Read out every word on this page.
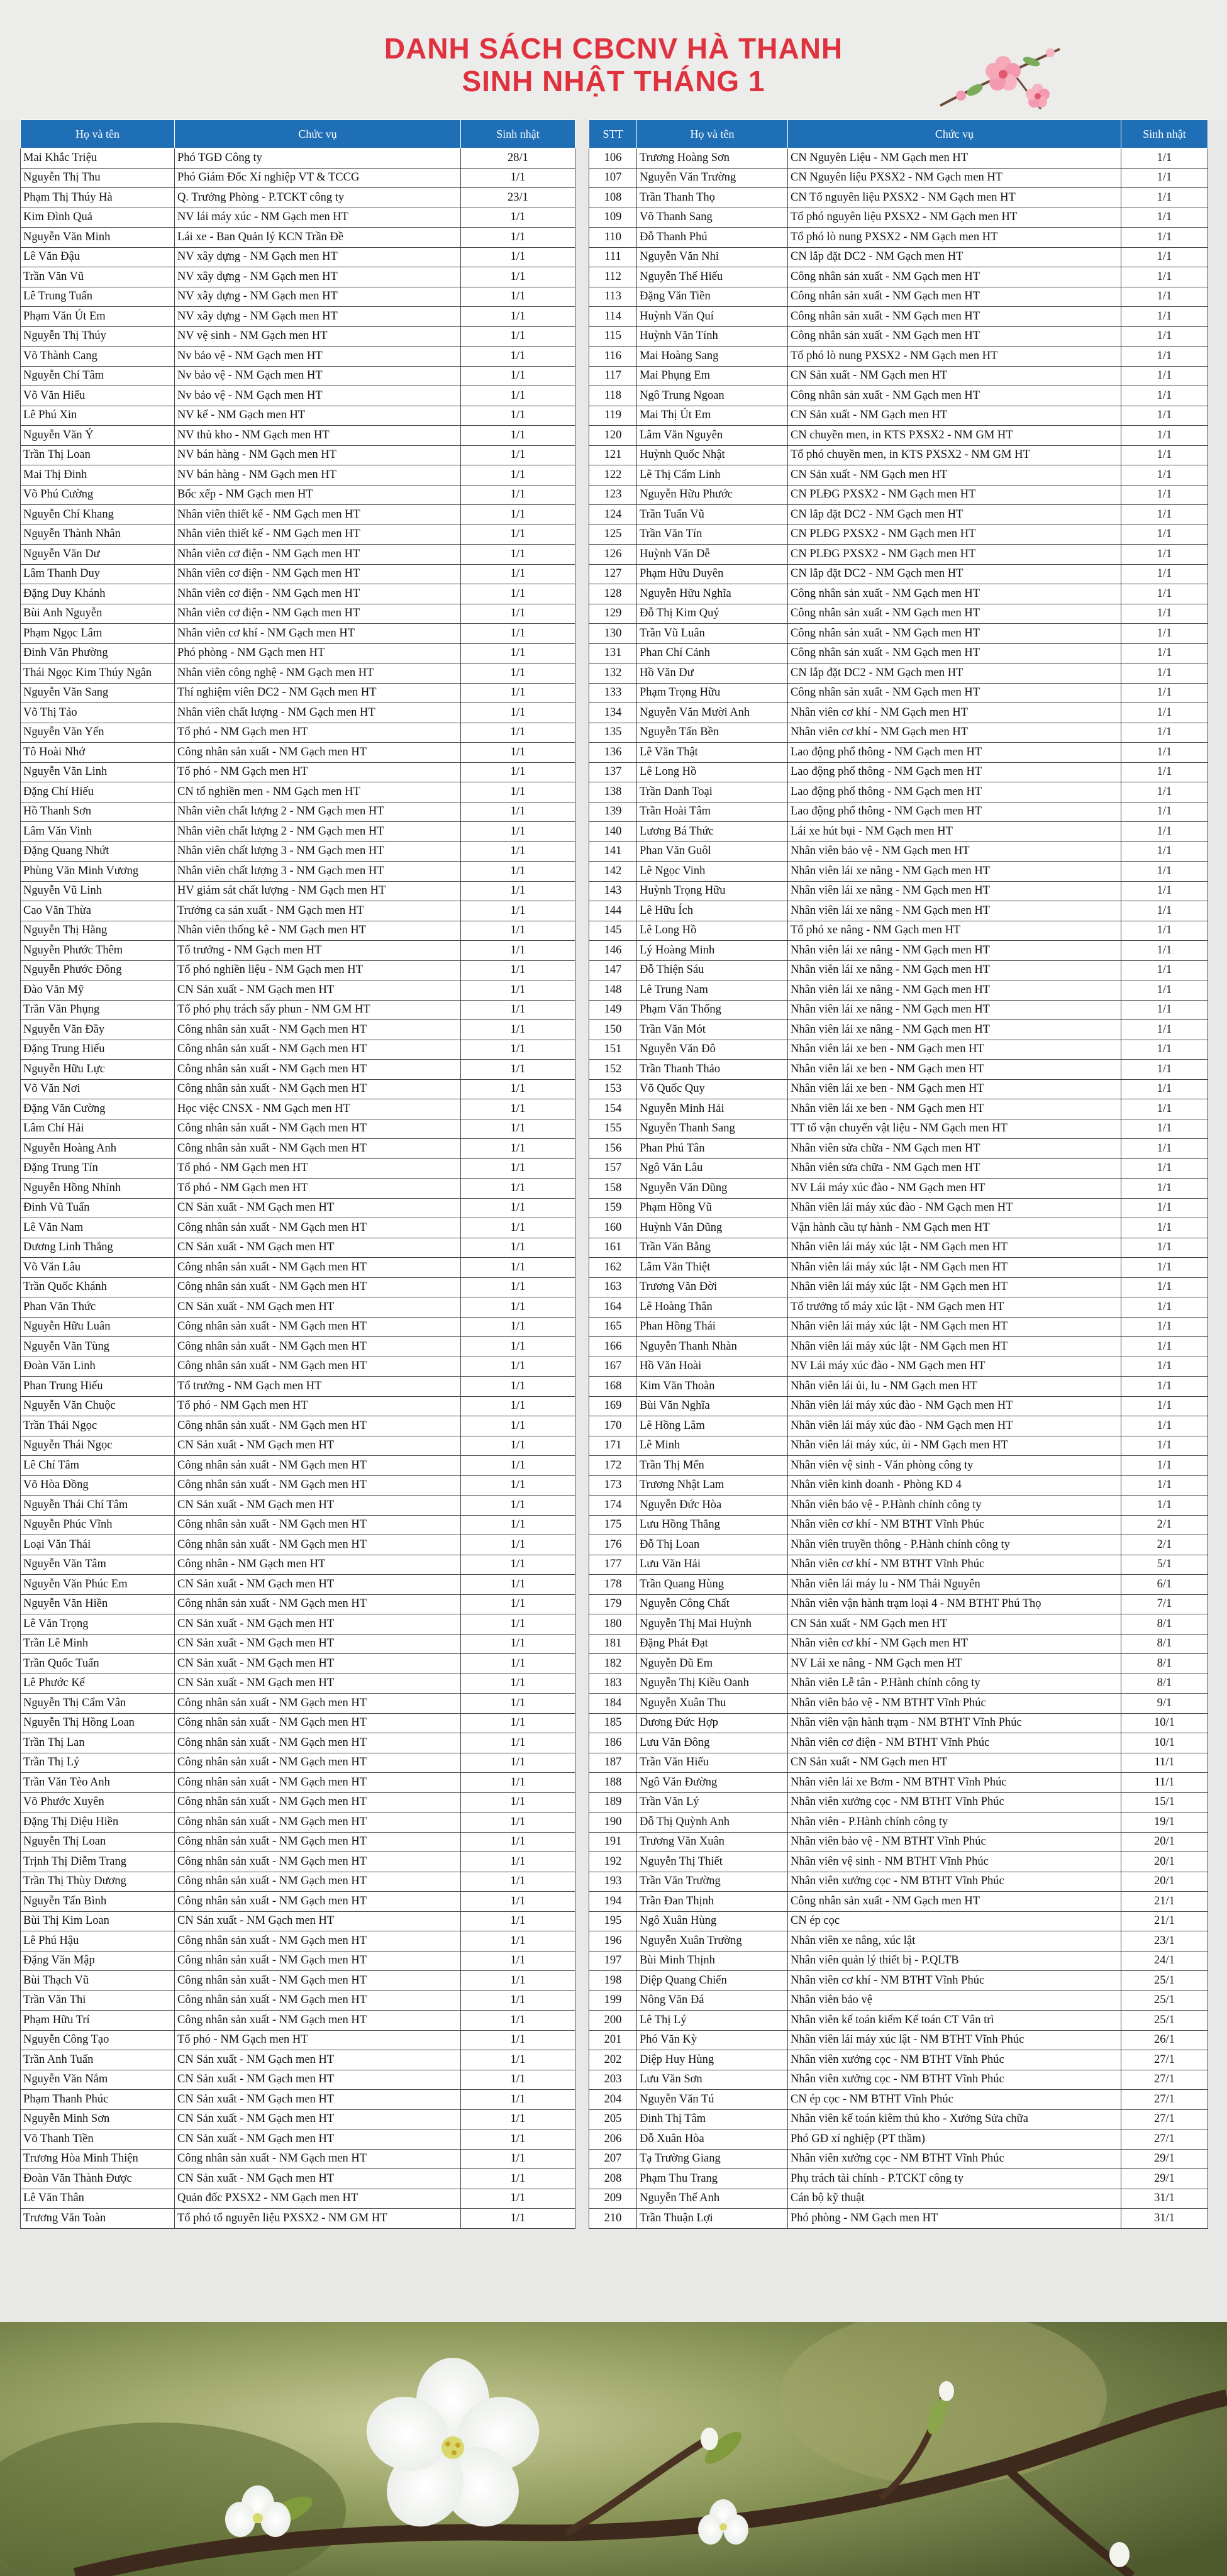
DANH SÁCH CBCNV HÀ THANH
SINH NHẬT THÁNG 1
Họ và tên	Chức vụ	Sinh nhật
Mai Khắc Triệu	Phó TGĐ Công ty	28/1
Nguyễn Thị Thu	Phó Giám Đốc Xí nghiệp VT & TCCG	1/1
Phạm Thị Thúy Hà	Q. Trưởng Phòng - P.TCKT công ty	23/1
Kim Đình Quả	NV lái máy xúc - NM Gạch men HT	1/1
Nguyễn Văn Minh	Lái xe - Ban Quản lý KCN Trần Đề	1/1
Lê Văn Đậu	NV xây dựng - NM Gạch men HT	1/1
Trần Văn Vũ	NV xây dựng - NM Gạch men HT	1/1
Lê Trung Tuấn	NV xây dựng - NM Gạch men HT	1/1
Phạm Văn Út Em	NV xây dựng - NM Gạch men HT	1/1
Nguyễn Thị Thúy	NV vệ sinh - NM Gạch men HT	1/1
Võ Thành Cang	Nv bảo vệ - NM Gạch men HT	1/1
Nguyễn Chí Tâm	Nv bảo vệ - NM Gạch men HT	1/1
Võ Văn Hiếu	Nv bảo vệ - NM Gạch men HT	1/1
Lê Phú Xin	NV kế - NM Gạch men HT	1/1
Nguyễn Văn Ý	NV thủ kho - NM Gạch men HT	1/1
Trần Thị Loan	NV bán hàng - NM Gạch men HT	1/1
Mai Thị Đinh	NV bán hàng - NM Gạch men HT	1/1
Võ Phú Cường	Bốc xếp - NM Gạch men HT	1/1
Nguyễn Chí Khang	Nhân viên thiết kế - NM Gạch men HT	1/1
Nguyễn Thành Nhân	Nhân viên thiết kế - NM Gạch men HT	1/1
Nguyễn Văn Dư	Nhân viên cơ điện - NM Gạch men HT	1/1
Lâm Thanh Duy	Nhân viên cơ điện - NM Gạch men HT	1/1
Đặng Duy Khánh	Nhân viên cơ điện - NM Gạch men HT	1/1
Bùi Anh Nguyễn	Nhân viên cơ điện - NM Gạch men HT	1/1
Phạm Ngọc Lâm	Nhân viên cơ khí - NM Gạch men HT	1/1
Đinh Văn Phường	Phó phòng - NM Gạch men HT	1/1
Thái Ngọc Kim Thúy Ngân	Nhân viên công nghệ - NM Gạch men HT	1/1
Nguyễn Văn Sang	Thí nghiệm viên DC2 - NM Gạch men HT	1/1
Võ Thị Tảo	Nhân viên chất lượng - NM Gạch men HT	1/1
Nguyễn Văn Yến	Tổ phó - NM Gạch men HT	1/1
Tô Hoài Nhớ	Công nhân sản xuất - NM Gạch men HT	1/1
Nguyễn Văn Linh	Tổ phó - NM Gạch men HT	1/1
Đặng Chí Hiếu	CN tổ nghiền men - NM Gạch men HT	1/1
Hồ Thanh Sơn	Nhân viên chất lượng 2 - NM Gạch men HT	1/1
Lâm Văn Vinh	Nhân viên chất lượng 2 - NM Gạch men HT	1/1
Đặng Quang Nhứt	Nhân viên chất lượng 3 - NM Gạch men HT	1/1
Phùng Văn Minh Vương	Nhân viên chất lượng 3 - NM Gạch men HT	1/1
Nguyễn Vũ Linh	HV giám sát chất lượng - NM Gạch men HT	1/1
Cao Văn Thừa	Trưởng ca sản xuất - NM Gạch men HT	1/1
Nguyễn Thị Hằng	Nhân viên thống kê - NM Gạch men HT	1/1
Nguyễn Phước Thêm	Tổ trưởng - NM Gạch men HT	1/1
Nguyễn Phước Đông	Tổ phó nghiền liệu - NM Gạch men HT	1/1
Đào Văn Mỹ	CN Sản xuất - NM Gạch men HT	1/1
Trần Văn Phụng	Tổ phó phụ trách sấy phun - NM GM HT	1/1
Nguyễn Văn Đầy	Công nhân sản xuất - NM Gạch men HT	1/1
Đặng Trung Hiếu	Công nhân sản xuất - NM Gạch men HT	1/1
Nguyễn Hữu Lực	Công nhân sản xuất - NM Gạch men HT	1/1
Võ Văn Nơi	Công nhân sản xuất - NM Gạch men HT	1/1
Đặng Văn Cường	Học việc CNSX - NM Gạch men HT	1/1
Lâm Chí Hải	Công nhân sản xuất - NM Gạch men HT	1/1
Nguyễn Hoàng Anh	Công nhân sản xuất - NM Gạch men HT	1/1
Đặng Trung Tín	Tổ phó - NM Gạch men HT	1/1
Nguyễn Hồng Nhỉnh	Tổ phó - NM Gạch men HT	1/1
Đinh Vũ Tuấn	CN Sản xuất - NM Gạch men HT	1/1
Lê Văn Nam	Công nhân sản xuất - NM Gạch men HT	1/1
Dương Linh Thắng	CN Sản xuất - NM Gạch men HT	1/1
Võ Văn Lâu	Công nhân sản xuất - NM Gạch men HT	1/1
Trần Quốc Khánh	Công nhân sản xuất - NM Gạch men HT	1/1
Phan Văn Thức	CN Sản xuất - NM Gạch men HT	1/1
Nguyễn Hữu Luân	Công nhân sản xuất - NM Gạch men HT	1/1
Nguyễn Văn Tùng	Công nhân sản xuất - NM Gạch men HT	1/1
Đoàn Văn Linh	Công nhân sản xuất - NM Gạch men HT	1/1
Phan Trung Hiếu	Tổ trưởng - NM Gạch men HT	1/1
Nguyễn Văn Chuộc	Tổ phó - NM Gạch men HT	1/1
Trần Thái Ngọc	Công nhân sản xuất - NM Gạch men HT	1/1
Nguyễn Thái Ngọc	CN Sản xuất - NM Gạch men HT	1/1
Lê Chí Tâm	Công nhân sản xuất - NM Gạch men HT	1/1
Võ Hòa Đồng	Công nhân sản xuất - NM Gạch men HT	1/1
Nguyễn Thái Chí Tâm	CN Sản xuất - NM Gạch men HT	1/1
Nguyễn Phúc Vĩnh	Công nhân sản xuất - NM Gạch men HT	1/1
Loại Văn Thái	Công nhân sản xuất - NM Gạch men HT	1/1
Nguyễn Văn Tâm	Công nhân - NM Gạch men HT	1/1
Nguyễn Văn Phúc Em	CN Sản xuất - NM Gạch men HT	1/1
Nguyễn Văn Hiền	Công nhân sản xuất - NM Gạch men HT	1/1
Lê Văn Trọng	CN Sản xuất - NM Gạch men HT	1/1
Trần Lê Minh	CN Sản xuất - NM Gạch men HT	1/1
Trần Quốc Tuấn	CN Sản xuất - NM Gạch men HT	1/1
Lê Phước Kế	CN Sản xuất - NM Gạch men HT	1/1
Nguyễn Thị Cẩm Vân	Công nhân sản xuất - NM Gạch men HT	1/1
Nguyễn Thị Hồng Loan	Công nhân sản xuất - NM Gạch men HT	1/1
Trần Thị Lan	Công nhân sản xuất - NM Gạch men HT	1/1
Trần Thị Lý	Công nhân sản xuất - NM Gạch men HT	1/1
Trần Văn Tèo Anh	Công nhân sản xuất - NM Gạch men HT	1/1
Võ Phước Xuyên	Công nhân sản xuất - NM Gạch men HT	1/1
Đặng Thị Diệu Hiền	Công nhân sản xuất - NM Gạch men HT	1/1
Nguyễn Thị Loan	Công nhân sản xuất - NM Gạch men HT	1/1
Trịnh Thị Diễm Trang	Công nhân sản xuất - NM Gạch men HT	1/1
Trần Thị Thùy Dương	Công nhân sản xuất - NM Gạch men HT	1/1
Nguyễn Tấn Bình	Công nhân sản xuất - NM Gạch men HT	1/1
Bùi Thị Kim Loan	CN Sản xuất - NM Gạch men HT	1/1
Lê Phú Hậu	Công nhân sản xuất - NM Gạch men HT	1/1
Đặng Văn Mập	Công nhân sản xuất - NM Gạch men HT	1/1
Bùi Thạch Vũ	Công nhân sản xuất - NM Gạch men HT	1/1
Trần Văn Thi	Công nhân sản xuất - NM Gạch men HT	1/1
Phạm Hữu Trí	Công nhân sản xuất - NM Gạch men HT	1/1
Nguyễn Công Tạo	Tổ phó - NM Gạch men HT	1/1
Trần Anh Tuấn	CN Sản xuất - NM Gạch men HT	1/1
Nguyễn Văn Nắm	CN Sản xuất - NM Gạch men HT	1/1
Phạm Thanh Phúc	CN Sản xuất - NM Gạch men HT	1/1
Nguyễn Minh Sơn	CN Sản xuất - NM Gạch men HT	1/1
Võ Thanh Tiền	CN Sản xuất - NM Gạch men HT	1/1
Trương Hòa Minh Thiện	Công nhân sản xuất - NM Gạch men HT	1/1
Đoàn Văn Thành Được	CN Sản xuất - NM Gạch men HT	1/1
Lê Văn Thân	Quản đốc PXSX2 - NM Gạch men HT	1/1
Trương Văn Toàn	Tổ phó tổ nguyên liệu PXSX2 - NM GM HT	1/1
STT	Họ và tên	Chức vụ	Sinh nhật
106	Trương Hoàng Sơn	CN Nguyên Liệu - NM Gạch men HT	1/1
107	Nguyễn Văn Trường	CN Nguyên liệu PXSX2 - NM Gạch men HT	1/1
108	Trần Thanh Thọ	CN Tổ nguyên liệu PXSX2 - NM Gạch men HT	1/1
109	Võ Thanh Sang	Tổ phó nguyên liệu PXSX2 - NM Gạch men HT	1/1
110	Đỗ Thanh Phú	Tổ phó lò nung PXSX2 - NM Gạch men HT	1/1
111	Nguyễn Văn Nhi	CN lắp đặt DC2 - NM Gạch men HT	1/1
112	Nguyễn Thế Hiếu	Công nhân sản xuất - NM Gạch men HT	1/1
113	Đặng Văn Tiền	Công nhân sản xuất - NM Gạch men HT	1/1
114	Huỳnh Văn Quí	Công nhân sản xuất - NM Gạch men HT	1/1
115	Huỳnh Văn Tính	Công nhân sản xuất - NM Gạch men HT	1/1
116	Mai Hoàng Sang	Tổ phó lò nung PXSX2 - NM Gạch men HT	1/1
117	Mai Phụng Em	CN Sản xuất - NM Gạch men HT	1/1
118	Ngô Trung Ngoan	Công nhân sản xuất - NM Gạch men HT	1/1
119	Mai Thị Út Em	CN Sản xuất - NM Gạch men HT	1/1
120	Lâm Văn Nguyên	CN chuyền men, in KTS PXSX2 - NM GM HT	1/1
121	Huỳnh Quốc Nhật	Tổ phó chuyền men, in KTS PXSX2 - NM GM HT	1/1
122	Lê Thị Cẩm Linh	CN Sản xuất - NM Gạch men HT	1/1
123	Nguyễn Hữu Phước	CN PLĐG PXSX2 - NM Gạch men HT	1/1
124	Trần Tuấn Vũ	CN lắp đặt DC2 - NM Gạch men HT	1/1
125	Trần Văn Tín	CN PLĐG PXSX2 - NM Gạch men HT	1/1
126	Huỳnh Văn Dễ	CN PLĐG PXSX2 - NM Gạch men HT	1/1
127	Phạm Hữu Duyên	CN lắp đặt DC2 - NM Gạch men HT	1/1
128	Nguyễn Hữu Nghĩa	Công nhân sản xuất - NM Gạch men HT	1/1
129	Đỗ Thị Kim Quý	Công nhân sản xuất - NM Gạch men HT	1/1
130	Trần Vũ Luân	Công nhân sản xuất - NM Gạch men HT	1/1
131	Phan Chí Cảnh	Công nhân sản xuất - NM Gạch men HT	1/1
132	Hồ Văn Dư	CN lắp đặt DC2 - NM Gạch men HT	1/1
133	Phạm Trọng Hữu	Công nhân sản xuất - NM Gạch men HT	1/1
134	Nguyễn Văn Mười Anh	Nhân viên cơ khí - NM Gạch men HT	1/1
135	Nguyễn Tấn Bền	Nhân viên cơ khí - NM Gạch men HT	1/1
136	Lê Văn Thật	Lao động phổ thông - NM Gạch men HT	1/1
137	Lê Long Hồ	Lao động phổ thông - NM Gạch men HT	1/1
138	Trần Danh Toại	Lao động phổ thông - NM Gạch men HT	1/1
139	Trần Hoài Tâm	Lao động phổ thông - NM Gạch men HT	1/1
140	Lương Bá Thức	Lái xe hút bụi - NM Gạch men HT	1/1
141	Phan Văn Guôl	Nhân viên bảo vệ - NM Gạch men HT	1/1
142	Lê Ngọc Vinh	Nhân viên lái xe nâng - NM Gạch men HT	1/1
143	Huỳnh Trọng Hữu	Nhân viên lái xe nâng - NM Gạch men HT	1/1
144	Lê Hữu Ích	Nhân viên lái xe nâng - NM Gạch men HT	1/1
145	Lê Long Hồ	Tổ phó xe nâng - NM Gạch men HT	1/1
146	Lý Hoàng Minh	Nhân viên lái xe nâng - NM Gạch men HT	1/1
147	Đỗ Thiện Sáu	Nhân viên lái xe nâng - NM Gạch men HT	1/1
148	Lê Trung Nam	Nhân viên lái xe nâng - NM Gạch men HT	1/1
149	Phạm Văn Thống	Nhân viên lái xe nâng - NM Gạch men HT	1/1
150	Trần Văn Mót	Nhân viên lái xe nâng - NM Gạch men HT	1/1
151	Nguyễn Văn Đô	Nhân viên lái xe ben - NM Gạch men HT	1/1
152	Trần Thanh Thảo	Nhân viên lái xe ben - NM Gạch men HT	1/1
153	Võ Quốc Quy	Nhân viên lái xe ben - NM Gạch men HT	1/1
154	Nguyễn Minh Hải	Nhân viên lái xe ben - NM Gạch men HT	1/1
155	Nguyễn Thanh Sang	TT tổ vận chuyển vật liệu - NM Gạch men HT	1/1
156	Phan Phú Tân	Nhân viên sửa chữa - NM Gạch men HT	1/1
157	Ngô Văn Lâu	Nhân viên sửa chữa - NM Gạch men HT	1/1
158	Nguyễn Văn Dũng	NV Lái máy xúc đào - NM Gạch men HT	1/1
159	Phạm Hồng Vũ	Nhân viên lái máy xúc đào - NM Gạch men HT	1/1
160	Huỳnh Văn Dũng	Vận hành cầu tự hành - NM Gạch men HT	1/1
161	Trần Văn Bằng	Nhân viên lái máy xúc lật - NM Gạch men HT	1/1
162	Lâm Văn Thiệt	Nhân viên lái máy xúc lật - NM Gạch men HT	1/1
163	Trương Văn Đời	Nhân viên lái máy xúc lật - NM Gạch men HT	1/1
164	Lê Hoàng Thân	Tổ trưởng tổ máy xúc lật - NM Gạch men HT	1/1
165	Phan Hồng Thái	Nhân viên lái máy xúc lật - NM Gạch men HT	1/1
166	Nguyễn Thanh Nhàn	Nhân viên lái máy xúc lật - NM Gạch men HT	1/1
167	Hồ Văn Hoài	NV Lái máy xúc đào - NM Gạch men HT	1/1
168	Kim Văn Thoàn	Nhân viên lái ủi, lu - NM Gạch men HT	1/1
169	Bùi Văn Nghĩa	Nhân viên lái máy xúc đào - NM Gạch men HT	1/1
170	Lê Hồng Lâm	Nhân viên lái máy xúc đào - NM Gạch men HT	1/1
171	Lê Minh	Nhân viên lái máy xúc, ủi - NM Gạch men HT	1/1
172	Trần Thị Mến	Nhân viên vệ sinh - Văn phòng công ty	1/1
173	Trương Nhật Lam	Nhân viên kinh doanh - Phòng KD 4	1/1
174	Nguyễn Đức Hòa	Nhân viên bảo vệ - P.Hành chính công ty	1/1
175	Lưu Hồng Thắng	Nhân viên cơ khí - NM BTHT Vĩnh Phúc	2/1
176	Đỗ Thị Loan	Nhân viên truyền thông - P.Hành chính công ty	2/1
177	Lưu Văn Hải	Nhân viên cơ khí - NM BTHT Vĩnh Phúc	5/1
178	Trần Quang Hùng	Nhân viên lái máy lu - NM Thái Nguyên	6/1
179	Nguyễn Công Chất	Nhân viên vận hành trạm loại 4 - NM BTHT Phú Thọ	7/1
180	Nguyễn Thị Mai Huỳnh	CN Sản xuất - NM Gạch men HT	8/1
181	Đặng Phát Đạt	Nhân viên cơ khí - NM Gạch men HT	8/1
182	Nguyễn Dũ Em	NV Lái xe nâng - NM Gạch men HT	8/1
183	Nguyễn Thị Kiều Oanh	Nhân viên Lễ tân - P.Hành chính công ty	8/1
184	Nguyễn Xuân Thu	Nhân viên bảo vệ - NM BTHT Vĩnh Phúc	9/1
185	Dương Đức Hợp	Nhân viên vận hành trạm - NM BTHT Vĩnh Phúc	10/1
186	Lưu Văn Đông	Nhân viên cơ điện - NM BTHT Vĩnh Phúc	10/1
187	Trần Văn Hiếu	CN Sản xuất - NM Gạch men HT	11/1
188	Ngô Văn Đường	Nhân viên lái xe Bơm - NM BTHT Vĩnh Phúc	11/1
189	Trần Văn Lý	Nhân viên xưởng cọc - NM BTHT Vĩnh Phúc	15/1
190	Đỗ Thị Quỳnh Anh	Nhân viên - P.Hành chính công ty	19/1
191	Trương Văn Xuân	Nhân viên bảo vệ - NM BTHT Vĩnh Phúc	20/1
192	Nguyễn Thị Thiết	Nhân viên vệ sinh - NM BTHT Vĩnh Phúc	20/1
193	Trần Văn Trường	Nhân viên xưởng cọc - NM BTHT Vĩnh Phúc	20/1
194	Trần Đan Thịnh	Công nhân sản xuất - NM Gạch men HT	21/1
195	Ngô Xuân Hùng	CN ép cọc	21/1
196	Nguyễn Xuân Trường	Nhân viên xe nâng, xúc lật	23/1
197	Bùi Minh Thịnh	Nhân viên quản lý thiết bị - P.QLTB	24/1
198	Diệp Quang Chiến	Nhân viên cơ khí - NM BTHT Vĩnh Phúc	25/1
199	Nông Văn Đá	Nhân viên bảo vệ	25/1
200	Lê Thị Lý	Nhân viên kế toán kiểm Kế toán CT Vân trì	25/1
201	Phó Văn Kỳ	Nhân viên lái máy xúc lật - NM BTHT Vĩnh Phúc	26/1
202	Diệp Huy Hùng	Nhân viên xưởng cọc - NM BTHT Vĩnh Phúc	27/1
203	Lưu Văn Sơn	Nhân viên xưởng cọc - NM BTHT Vĩnh Phúc	27/1
204	Nguyễn Văn Tú	CN ép cọc - NM BTHT Vĩnh Phúc	27/1
205	Đinh Thị Tâm	Nhân viên kế toán kiêm thủ kho - Xưởng Sửa chữa	27/1
206	Đỗ Xuân Hòa	Phó GĐ xí nghiệp (PT thầm)	27/1
207	Tạ Trường Giang	Nhân viên xưởng cọc - NM BTHT Vĩnh Phúc	29/1
208	Phạm Thu Trang	Phụ trách tài chính - P.TCKT công ty	29/1
209	Nguyễn Thế Anh	Cán bộ kỹ thuật	31/1
210	Trần Thuận Lợi	Phó phòng - NM Gạch men HT	31/1
